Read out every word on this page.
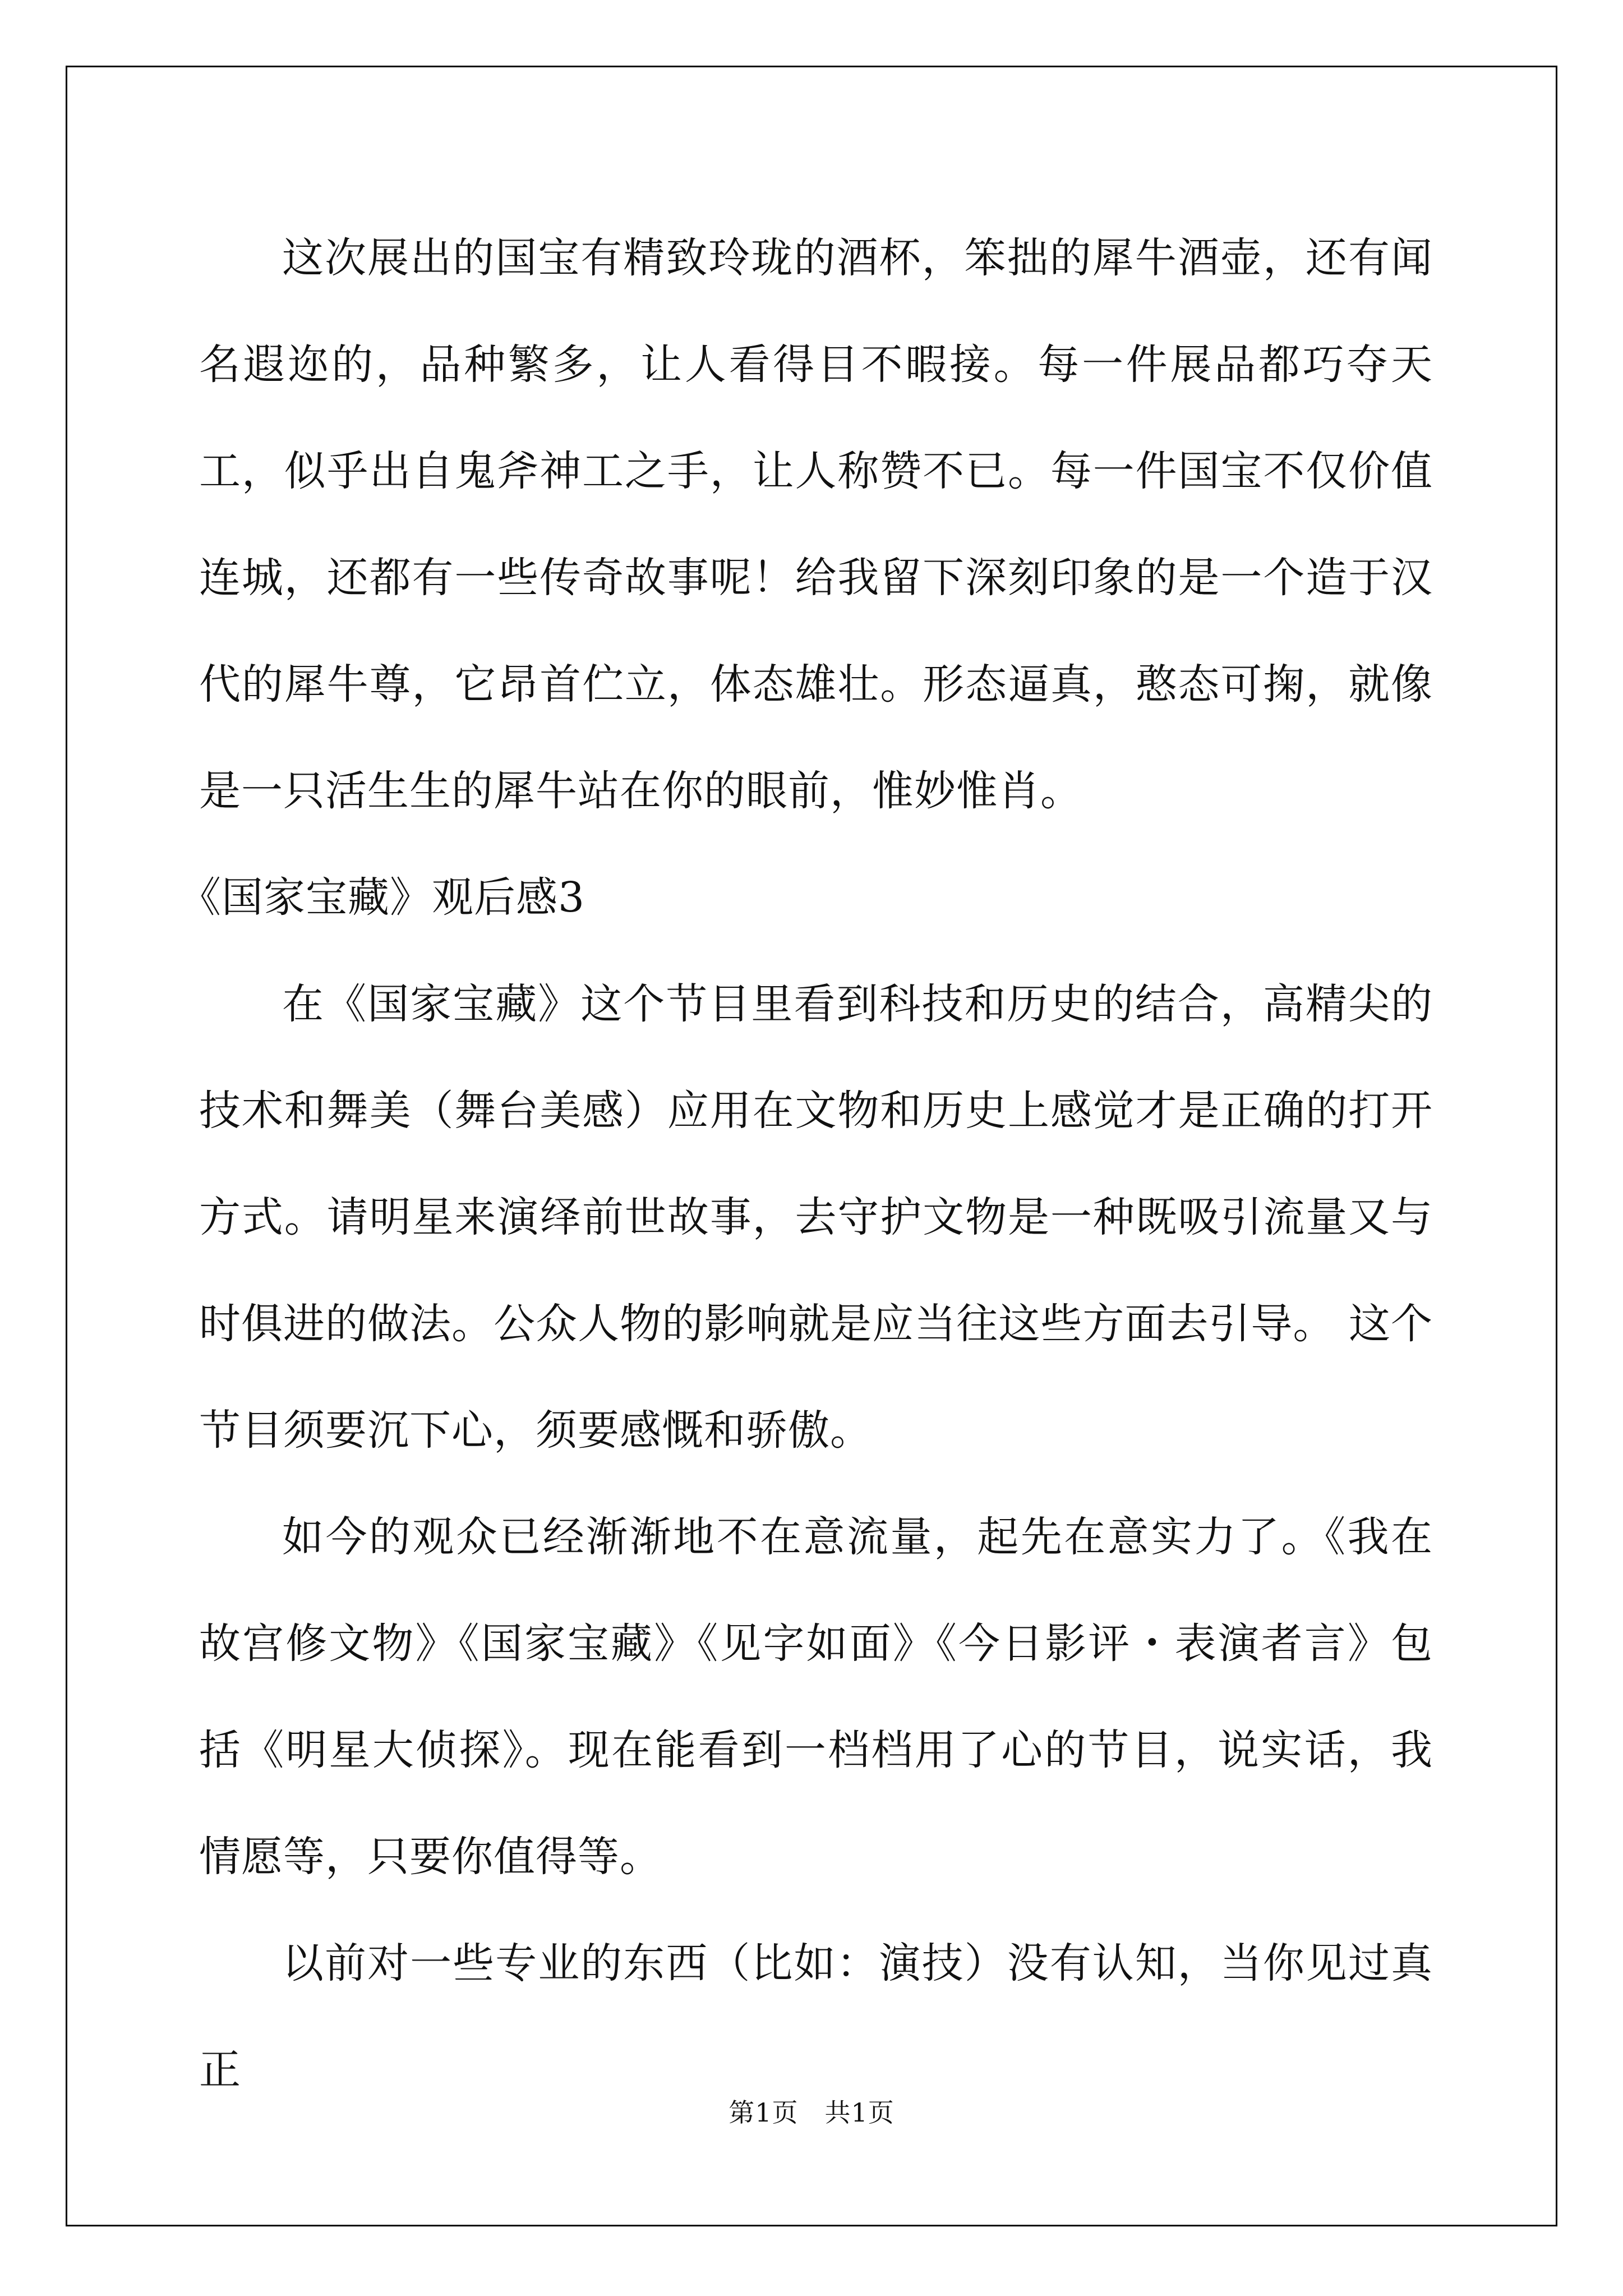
这次展出的国宝有精致玲珑的酒杯，笨拙的犀牛酒壶，还有闻名遐迩的，品种繁多，让人看得目不暇接。每一件展品都巧夺天工，似乎出自鬼斧神工之手，让人称赞不已。每一件国宝不仅价值连城，还都有一些传奇故事呢！给我留下深刻印象的是一个造于汉代的犀牛尊，它昂首伫立，体态雄壮。形态逼真，憨态可掬，就像是一只活生生的犀牛站在你的眼前，惟妙惟肖。

《国家宝藏》观后感3

在《国家宝藏》这个节目里看到科技和历史的结合，高精尖的技术和舞美（舞台美感）应用在文物和历史上感觉才是正确的打开方式。请明星来演绎前世故事，去守护文物是一种既吸引流量又与时俱进的做法。公众人物的影响就是应当往这些方面去引导。 这个节目须要沉下心，须要感慨和骄傲。

如今的观众已经渐渐地不在意流量，起先在意实力了。《我在故宫修文物》《国家宝藏》《见字如面》《今日影评・表演者言》包括《明星大侦探》。现在能看到一档档用了心的节目，说实话，我情愿等，只要你值得等。

以前对一些专业的东西（比如：演技）没有认知，当你见过真正

第1页　共1页
